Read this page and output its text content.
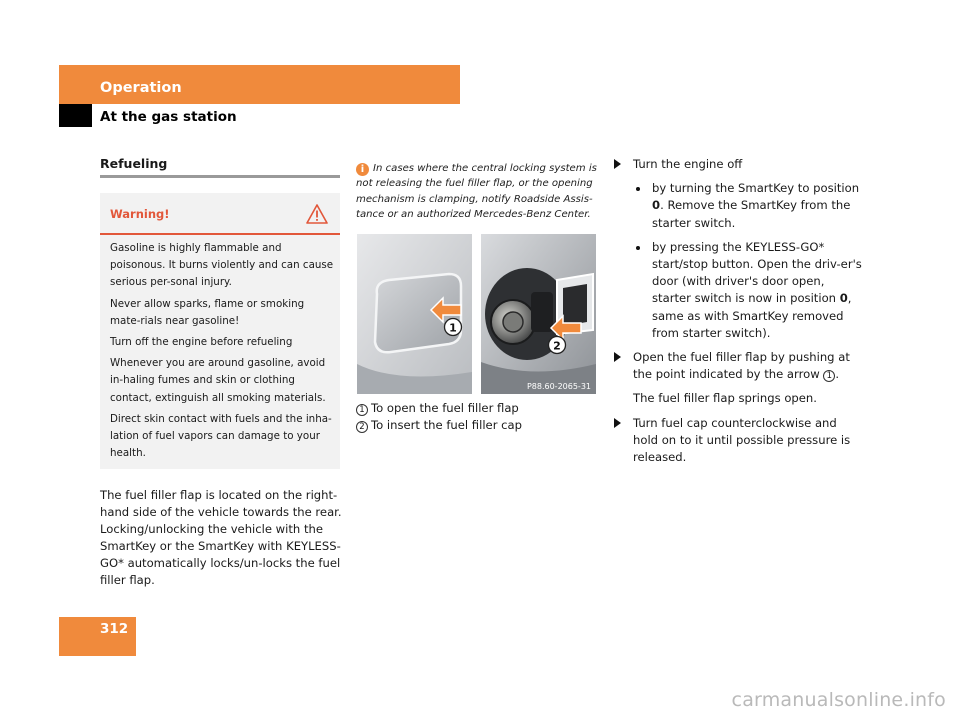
Operation
At the gas station
Refueling
Warning!

Gasoline is highly flammable and poisonous. It burns violently and can cause serious per-sonal injury.

Never allow sparks, flame or smoking mate-rials near gasoline!

Turn off the engine before refueling

Whenever you are around gasoline, avoid in-haling fumes and skin or clothing contact, extinguish all smoking materials.

Direct skin contact with fuels and the inha-lation of fuel vapors can damage to your health.

The fuel filler flap is located on the right-hand side of the vehicle towards the rear. Locking/unlocking the vehicle with the SmartKey or the SmartKey with KEYLESS-GO* automatically locks/un-locks the fuel filler flap.
i In cases where the central locking system is not releasing the fuel filler flap, or the opening mechanism is clamping, notify Roadside Assis-tance or an authorized Mercedes-Benz Center.
1
2
P88.60-2065-31
1 To open the fuel filler flap
2 To insert the fuel filler cap
Turn the engine off
by turning the SmartKey to position 0. Remove the SmartKey from the starter switch.
by pressing the KEYLESS-GO* start/stop button. Open the driv-er's door (with driver's door open, starter switch is now in position 0, same as with SmartKey removed from starter switch).
Open the fuel filler flap by pushing at the point indicated by the arrow 1 .
The fuel filler flap springs open.
Turn fuel cap counterclockwise and hold on to it until possible pressure is released.
312
carmanualsonline.info
